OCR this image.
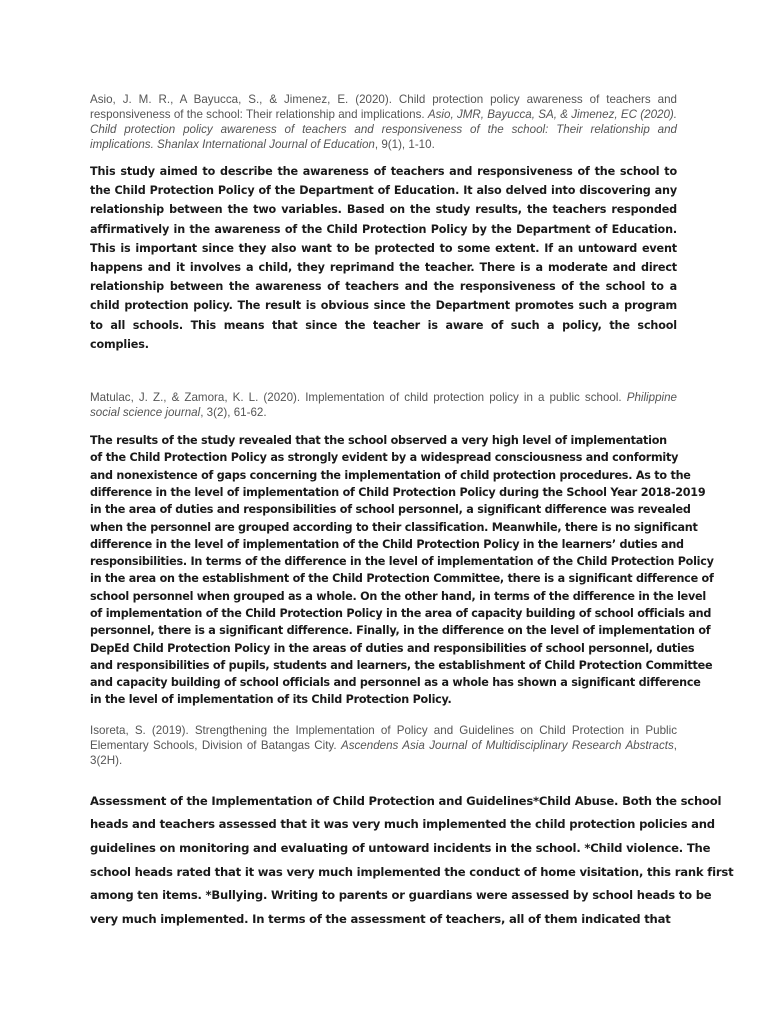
Asio, J. M. R., A Bayucca, S., & Jimenez, E. (2020). Child protection policy awareness of teachers and responsiveness of the school: Their relationship and implications. Asio, JMR, Bayucca, SA, & Jimenez, EC (2020). Child protection policy awareness of teachers and responsiveness of the school: Their relationship and implications. Shanlax International Journal of Education, 9(1), 1-10.

This study aimed to describe the awareness of teachers and responsiveness of the school to the Child Protection Policy of the Department of Education. It also delved into discovering any relationship between the two variables. Based on the study results, the teachers responded affirmatively in the awareness of the Child Protection Policy by the Department of Education. This is important since they also want to be protected to some extent. If an untoward event happens and it involves a child, they reprimand the teacher. There is a moderate and direct relationship between the awareness of teachers and the responsiveness of the school to a child protection policy. The result is obvious since the Department promotes such a program to all schools. This means that since the teacher is aware of such a policy, the school complies.

Matulac, J. Z., & Zamora, K. L. (2020). Implementation of child protection policy in a public school. Philippine social science journal, 3(2), 61-62.

The results of the study revealed that the school observed a very high level of implementation
of the Child Protection Policy as strongly evident by a widespread consciousness and conformity
and nonexistence of gaps concerning the implementation of child protection procedures. As to the
difference in the level of implementation of Child Protection Policy during the School Year 2018-2019
in the area of duties and responsibilities of school personnel, a significant difference was revealed
when the personnel are grouped according to their classification. Meanwhile, there is no significant
difference in the level of implementation of the Child Protection Policy in the learners’ duties and
responsibilities. In terms of the difference in the level of implementation of the Child Protection Policy
in the area on the establishment of the Child Protection Committee, there is a significant difference of
school personnel when grouped as a whole. On the other hand, in terms of the difference in the level
of implementation of the Child Protection Policy in the area of capacity building of school officials and
personnel, there is a significant difference. Finally, in the difference on the level of implementation of
DepEd Child Protection Policy in the areas of duties and responsibilities of school personnel, duties
and responsibilities of pupils, students and learners, the establishment of Child Protection Committee
and capacity building of school officials and personnel as a whole has shown a significant difference
in the level of implementation of its Child Protection Policy.

Isoreta, S. (2019). Strengthening the Implementation of Policy and Guidelines on Child Protection in Public Elementary Schools, Division of Batangas City. Ascendens Asia Journal of Multidisciplinary Research Abstracts, 3(2H).

Assessment of the Implementation of Child Protection and Guidelines*Child Abuse. Both the school
heads and teachers assessed that it was very much implemented the child protection policies and
guidelines on monitoring and evaluating of untoward incidents in the school. *Child violence. The
school heads rated that it was very much implemented the conduct of home visitation, this rank first
among ten items. *Bullying. Writing to parents or guardians were assessed by school heads to be
very much implemented. In terms of the assessment of teachers, all of them indicated that
